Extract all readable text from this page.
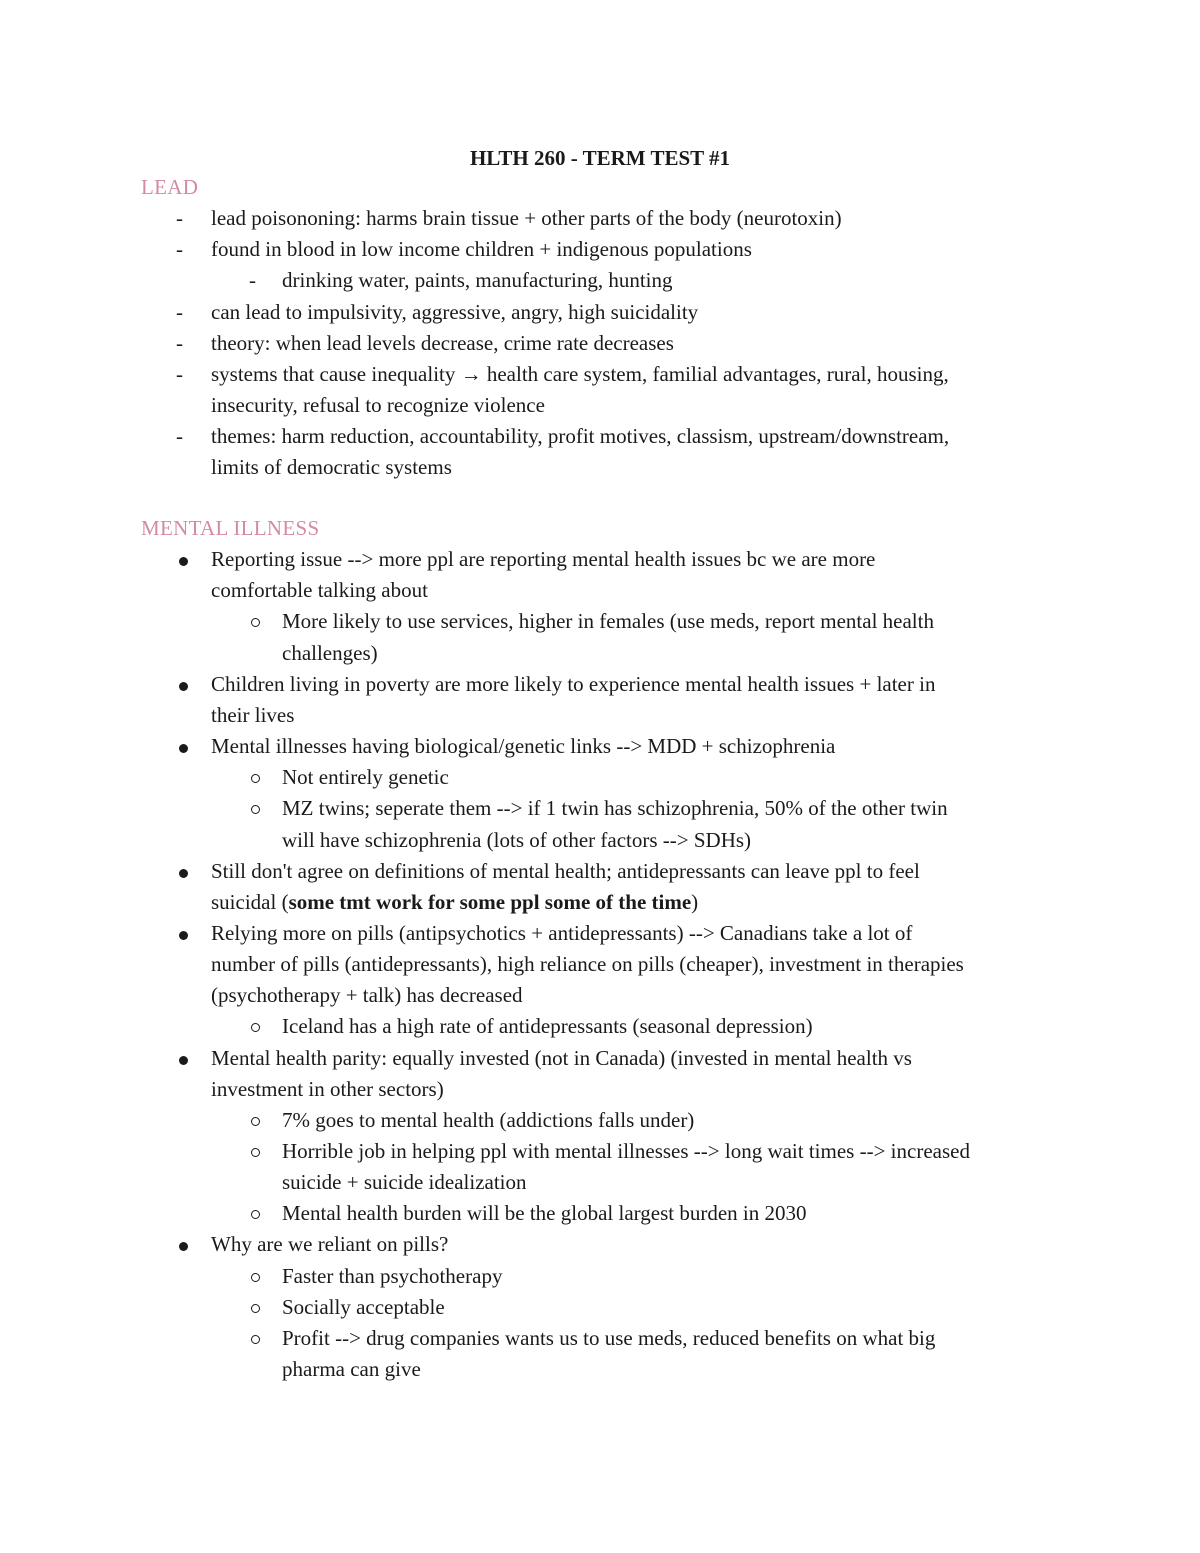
HLTH 260 - TERM TEST #1
LEAD
- lead poisononing: harms brain tissue + other parts of the body (neurotoxin)
- found in blood in low income children + indigenous populations
- drinking water, paints, manufacturing, hunting
- can lead to impulsivity, aggressive, angry, high suicidality
- theory: when lead levels decrease, crime rate decreases
- systems that cause inequality → health care system, familial advantages, rural, housing,
insecurity, refusal to recognize violence
- themes: harm reduction, accountability, profit motives, classism, upstream/downstream,
limits of democratic systems
MENTAL ILLNESS
Reporting issue --> more ppl are reporting mental health issues bc we are more
comfortable talking about
More likely to use services, higher in females (use meds, report mental health
challenges)
Children living in poverty are more likely to experience mental health issues + later in
their lives
Mental illnesses having biological/genetic links --> MDD + schizophrenia
Not entirely genetic
MZ twins; seperate them --> if 1 twin has schizophrenia, 50% of the other twin
will have schizophrenia (lots of other factors --> SDHs)
Still don't agree on definitions of mental health; antidepressants can leave ppl to feel
suicidal (some tmt work for some ppl some of the time)
Relying more on pills (antipsychotics + antidepressants) --> Canadians take a lot of
number of pills (antidepressants), high reliance on pills (cheaper), investment in therapies
(psychotherapy + talk) has decreased
Iceland has a high rate of antidepressants (seasonal depression)
Mental health parity: equally invested (not in Canada) (invested in mental health vs
investment in other sectors)
7% goes to mental health (addictions falls under)
Horrible job in helping ppl with mental illnesses --> long wait times --> increased
suicide + suicide idealization
Mental health burden will be the global largest burden in 2030
Why are we reliant on pills?
Faster than psychotherapy
Socially acceptable
Profit --> drug companies wants us to use meds, reduced benefits on what big
pharma can give
